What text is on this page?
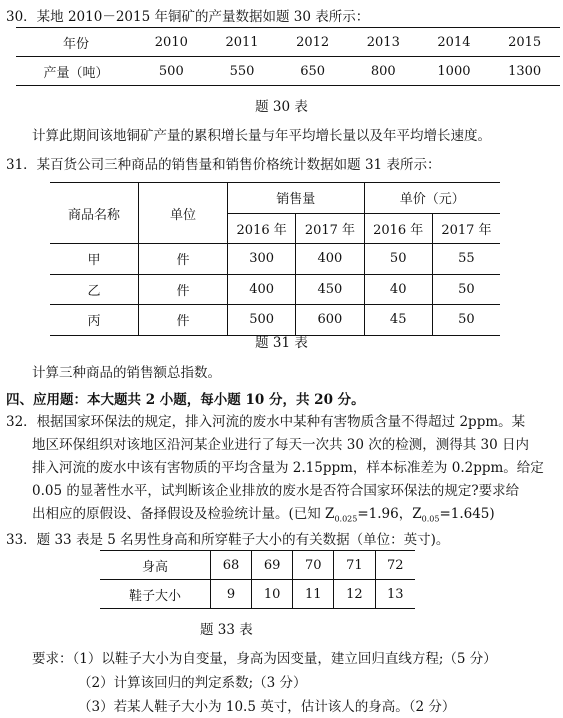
30．某地 2010－2015 年铜矿的产量数据如题 30 表所示：
年份	2010	2011	2012	2013	2014	2015
产量（吨）	500	550	650	800	1000	1300
题 30 表
计算此期间该地铜矿产量的累积增长量与年平均增长量以及年平均增长速度。
31．某百货公司三种商品的销售量和销售价格统计数据如题 31 表所示：
商品名称	单位	销售量		单价（元）	
		2016 年	2017 年	2016 年	2017 年
甲	件	300	400	50	55
乙	件	400	450	40	50
丙	件	500	600	45	50
题 31 表
计算三种商品的销售额总指数。
四、应用题：本大题共 2 小题，每小题 10 分，共 20 分。
32．根据国家环保法的规定，排入河流的废水中某种有害物质含量不得超过 2ppm。某
地区环保组织对该地区沿河某企业进行了每天一次共 30 次的检测，测得其 30 日内
排入河流的废水中该有害物质的平均含量为 2.15ppm，样本标准差为 0.2ppm。给定
0.05 的显著性水平，试判断该企业排放的废水是否符合国家环保法的规定?要求给
出相应的原假设、备择假设及检验统计量。(已知 $Z_{0.025}=1.96$，$Z_{0.05}=1.645$)
33．题 33 表是 5 名男性身高和所穿鞋子大小的有关数据（单位：英寸)。
身高	68	69	70	71	72
鞋子大小	9	10	11	12	13
题 33 表
要求：（1）以鞋子大小为自变量，身高为因变量，建立回归直线方程;（5 分）
（2）计算该回归的判定系数;（3 分）
（3）若某人鞋子大小为 10.5 英寸，估计该人的身高。（2 分）
